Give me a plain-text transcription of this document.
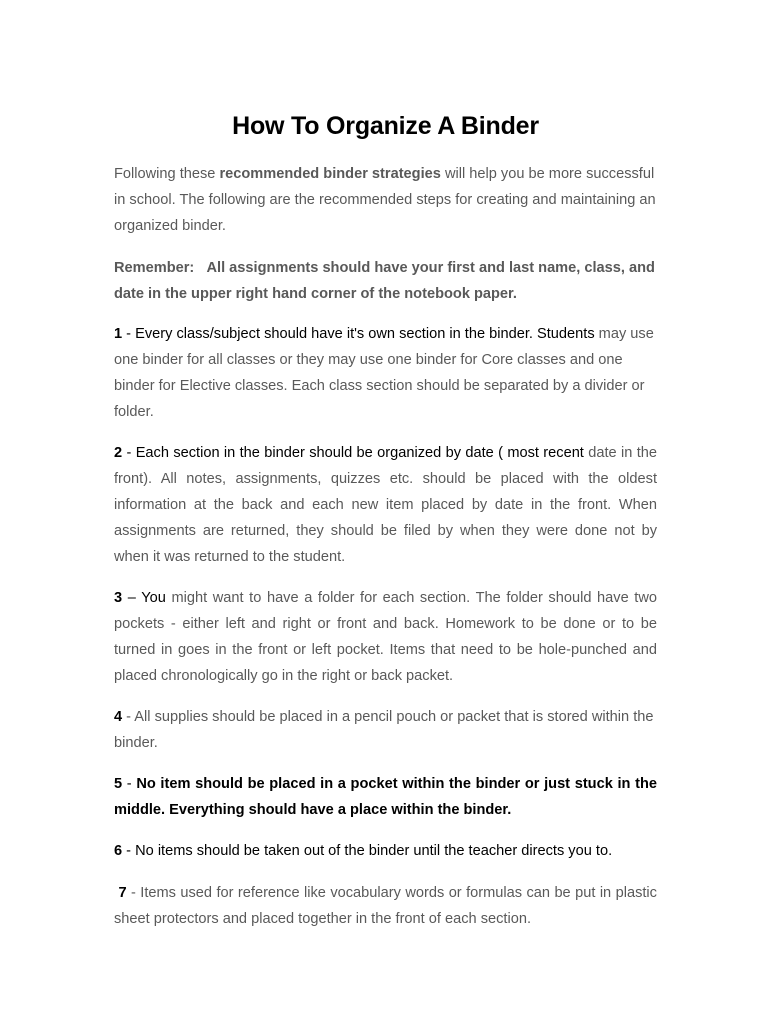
How To Organize A Binder

Following these recommended binder strategies will help you be more successful in school. The following are the recommended steps for creating and maintaining an organized binder.

Remember: All assignments should have your first and last name, class, and date in the upper right hand corner of the notebook paper.

1 - Every class/subject should have it's own section in the binder. Students may use one binder for all classes or they may use one binder for Core classes and one binder for Elective classes. Each class section should be separated by a divider or folder.

2 - Each section in the binder should be organized by date ( most recent date in the front). All notes, assignments, quizzes etc. should be placed with the oldest information at the back and each new item placed by date in the front. When assignments are returned, they should be filed by when they were done not by when it was returned to the student.

3 – You might want to have a folder for each section. The folder should have two pockets - either left and right or front and back. Homework to be done or to be turned in goes in the front or left pocket. Items that need to be hole-punched and placed chronologically go in the right or back packet.

4 - All supplies should be placed in a pencil pouch or packet that is stored within the binder.

5 - No item should be placed in a pocket within the binder or just stuck in the middle. Everything should have a place within the binder.

6 - No items should be taken out of the binder until the teacher directs you to.

7 - Items used for reference like vocabulary words or formulas can be put in plastic sheet protectors and placed together in the front of each section.
